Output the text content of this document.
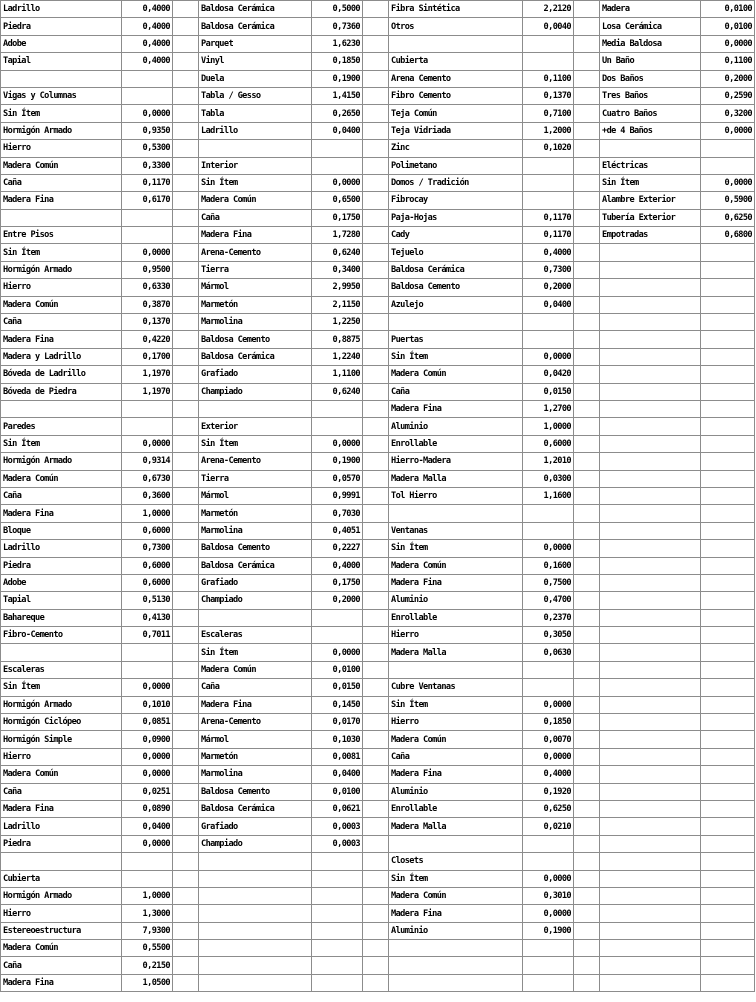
Ladrillo	0,4000		Baldosa Cerámica	0,5000		Fibra Sintética	2,2120		Madera	0,0100
Piedra	0,4000		Baldosa Cerámica	0,7360		Otros	0,0040		Losa Cerámica	0,0100
Adobe	0,4000		Parquet	1,6230					Media Baldosa	0,0000
Tapial	0,4000		Vinyl	0,1850		Cubierta			Un Baño	0,1100
			Duela	0,1900		Arena Cemento	0,1100		Dos Baños	0,2000
Vigas y Columnas			Tabla / Gesso	1,4150		Fibro Cemento	0,1370		Tres Baños	0,2590
Sin Ítem	0,0000		Tabla	0,2650		Teja Común	0,7100		Cuatro Baños	0,3200
Hormigón Armado	0,9350		Ladrillo	0,0400		Teja Vidriada	1,2000		+de 4 Baños	0,0000
Hierro	0,5300					Zinc	0,1020			
Madera Común	0,3300		Interior			Polimetano			Eléctricas	
Caña	0,1170		Sin Ítem	0,0000		Domos / Tradición			Sin Ítem	0,0000
Madera Fina	0,6170		Madera Común	0,6500		Fibrocay			Alambre Exterior	0,5900
			Caña	0,1750		Paja-Hojas	0,1170		Tubería Exterior	0,6250
Entre Pisos			Madera Fina	1,7280		Cady	0,1170		Empotradas	0,6800
Sin Ítem	0,0000		Arena-Cemento	0,6240		Tejuelo	0,4000			
Hormigón Armado	0,9500		Tierra	0,3400		Baldosa Cerámica	0,7300			
Hierro	0,6330		Mármol	2,9950		Baldosa Cemento	0,2000			
Madera Común	0,3870		Marmetón	2,1150		Azulejo	0,0400			
Caña	0,1370		Marmolina	1,2250						
Madera Fina	0,4220		Baldosa Cemento	0,8875		Puertas				
Madera y Ladrillo	0,1700		Baldosa Cerámica	1,2240		Sin Ítem	0,0000			
Bóveda de Ladrillo	1,1970		Grafiado	1,1100		Madera Común	0,0420			
Bóveda de Piedra	1,1970		Champiado	0,6240		Caña	0,0150			
						Madera Fina	1,2700			
Paredes			Exterior			Aluminio	1,0000			
Sin Ítem	0,0000		Sin Ítem	0,0000		Enrollable	0,6000			
Hormigón Armado	0,9314		Arena-Cemento	0,1900		Hierro-Madera	1,2010			
Madera Común	0,6730		Tierra	0,0570		Madera Malla	0,0300			
Caña	0,3600		Mármol	0,9991		Tol Hierro	1,1600			
Madera Fina	1,0000		Marmetón	0,7030						
Bloque	0,6000		Marmolina	0,4051		Ventanas				
Ladrillo	0,7300		Baldosa Cemento	0,2227		Sin Ítem	0,0000			
Piedra	0,6000		Baldosa Cerámica	0,4000		Madera Común	0,1600			
Adobe	0,6000		Grafiado	0,1750		Madera Fina	0,7500			
Tapial	0,5130		Champiado	0,2000		Aluminio	0,4700			
Bahareque	0,4130					Enrollable	0,2370			
Fibro-Cemento	0,7011		Escaleras			Hierro	0,3050			
			Sin Ítem	0,0000		Madera Malla	0,0630			
Escaleras			Madera Común	0,0100						
Sin Ítem	0,0000		Caña	0,0150		Cubre Ventanas				
Hormigón Armado	0,1010		Madera Fina	0,1450		Sin Ítem	0,0000			
Hormigón Ciclópeo	0,0851		Arena-Cemento	0,0170		Hierro	0,1850			
Hormigón Simple	0,0900		Mármol	0,1030		Madera Común	0,0070			
Hierro	0,0000		Marmetón	0,0081		Caña	0,0000			
Madera Común	0,0000		Marmolina	0,0400		Madera Fina	0,4000			
Caña	0,0251		Baldosa Cemento	0,0100		Aluminio	0,1920			
Madera Fina	0,0890		Baldosa Cerámica	0,0621		Enrollable	0,6250			
Ladrillo	0,0400		Grafiado	0,0003		Madera Malla	0,0210			
Piedra	0,0000		Champiado	0,0003						
						Closets				
Cubierta						Sin Ítem	0,0000			
Hormigón Armado	1,0000					Madera Común	0,3010			
Hierro	1,3000					Madera Fina	0,0000			
Estereoestructura	7,9300					Aluminio	0,1900			
Madera Común	0,5500									
Caña	0,2150									
Madera Fina	1,0500									
